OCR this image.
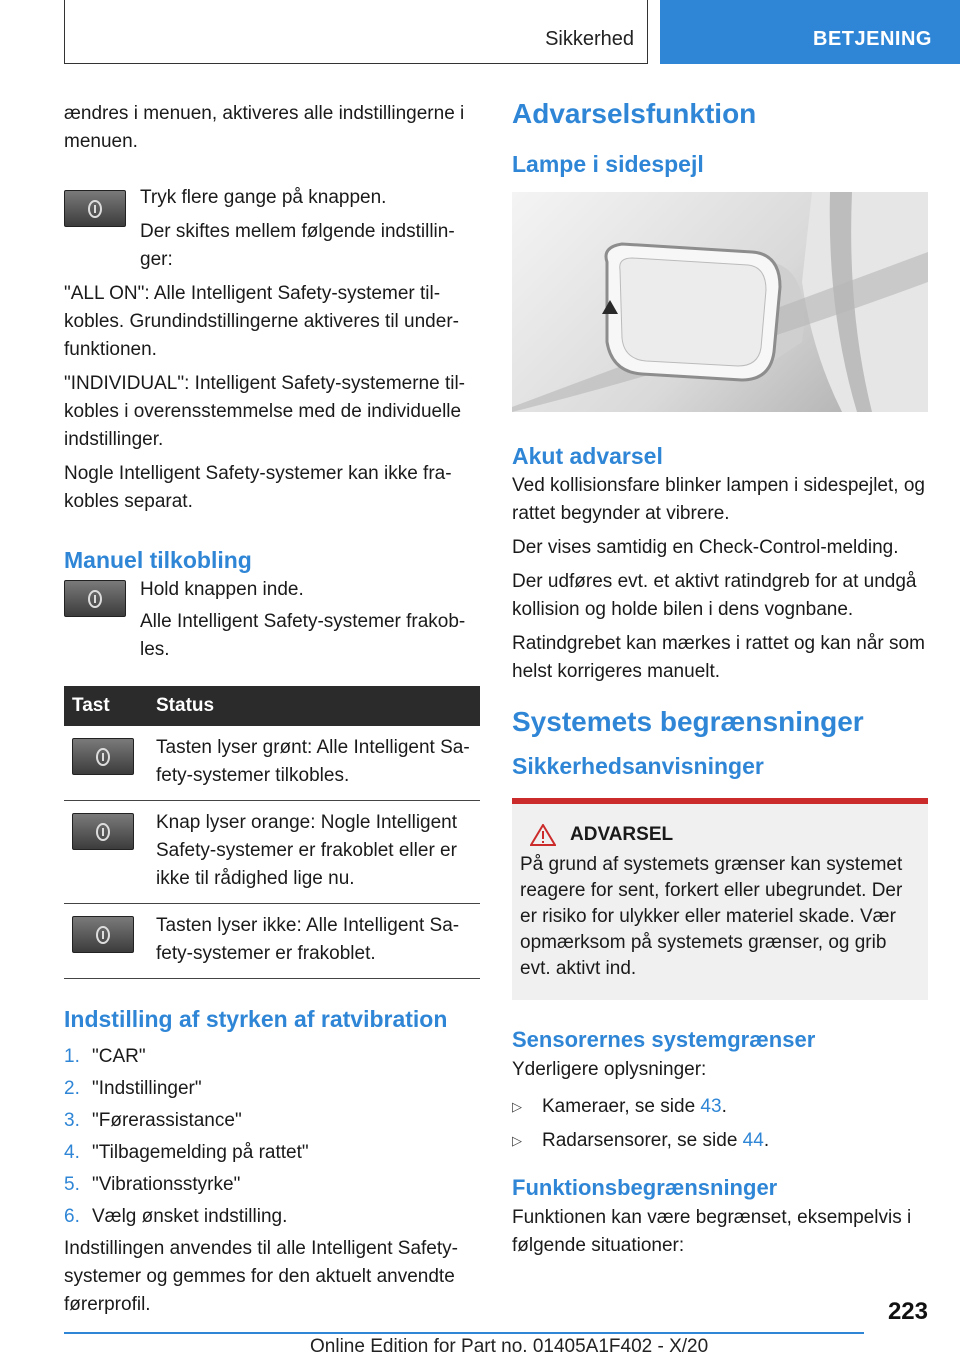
Sikkerhed	BETJENING

ændres i menuen, aktiveres alle indstillingerne i menuen.

Tryk flere gange på knappen.

Der skiftes mellem følgende indstillin-ger:

"ALL ON": Alle Intelligent Safety-systemer til-kobles. Grundindstillingerne aktiveres til under-funktionen.

"INDIVIDUAL": Intelligent Safety-systemerne til-kobles i overensstemmelse med de individuelle indstillinger.

Nogle Intelligent Safety-systemer kan ikke fra-kobles separat.

Manuel tilkobling

Hold knappen inde.

Alle Intelligent Safety-systemer frakob-les.

Tast	Status

	Tasten lyser grønt: Alle Intelligent Sa-fety-systemer tilkobles.

	Knap lyser orange: Nogle Intelligent Safety-systemer er frakoblet eller er ikke til rådighed lige nu.

	Tasten lyser ikke: Alle Intelligent Sa-fety-systemer er frakoblet.
Indstilling af styrken af ratvibration
1. "CAR"
2. "Indstillinger"
3. "Førerassistance"
4. "Tilbagemelding på rattet"
5. "Vibrationsstyrke"
6. Vælg ønsket indstilling.

Indstillingen anvendes til alle Intelligent Safety-systemer og gemmes for den aktuelt anvendte førerprofil.

Advarselsfunktion
Lampe i sidespejl
Akut advarsel

Ved kollisionsfare blinker lampen i sidespejlet, og rattet begynder at vibrere.

Der vises samtidig en Check-Control-melding.

Der udføres evt. et aktivt ratindgreb for at undgå kollision og holde bilen i dens vognbane.

Ratindgrebet kan mærkes i rattet og kan når som helst korrigeres manuelt.

Systemets begrænsninger
Sikkerhedsanvisninger
ADVARSEL

På grund af systemets grænser kan systemet reagere for sent, forkert eller ubegrundet. Der er risiko for ulykker eller materiel skade. Vær opmærksom på systemets grænser, og grib evt. aktivt ind.

Sensorernes systemgrænser

Yderligere oplysninger:

▷	Kameraer, se side 43.
▷	Radarsensorer, se side 44.
Funktionsbegrænsninger

Funktionen kan være begrænset, eksempelvis i følgende situationer:

223
Online Edition for Part no. 01405A1F402 - X/20
